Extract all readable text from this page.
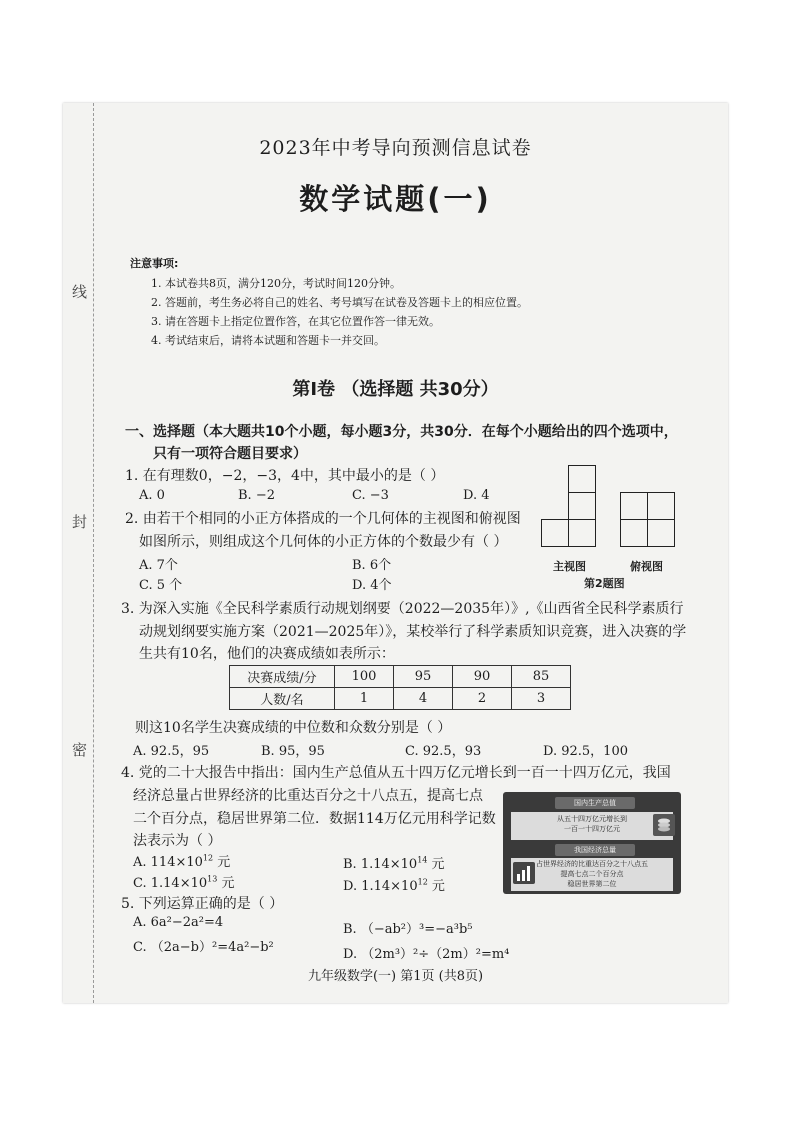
线
封
密
2023年中考导向预测信息试卷
数学试题(一)
注意事项:
1. 本试卷共8页，满分120分，考试时间120分钟。
2. 答题前，考生务必将自己的姓名、考号填写在试卷及答题卡上的相应位置。
3. 请在答题卡上指定位置作答，在其它位置作答一律无效。
4. 考试结束后，请将本试题和答题卡一并交回。
第Ⅰ卷 （选择题 共30分）
一、选择题（本大题共10个小题，每小题3分，共30分．在每个小题给出的四个选项中，
只有一项符合题目要求）
1. 在有理数0，−2，−3，4中，其中最小的是（ ）
A. 0	B. −2	C. −3	D. 4
2. 由若干个相同的小正方体搭成的一个几何体的主视图和俯视图
如图所示，则组成这个几何体的小正方体的个数最少有（ ）
A. 7个	B. 6个
C. 5 个	D. 4个
主视图	俯视图
第2题图
3. 为深入实施《全民科学素质行动规划纲要（2022—2035年）》,《山西省全民科学素质行
动规划纲要实施方案（2021—2025年）》，某校举行了科学素质知识竞赛，进入决赛的学
生共有10名，他们的决赛成绩如表所示：
决赛成绩/分	100	95	90	85
人数/名	1	4	2	3
则这10名学生决赛成绩的中位数和众数分别是（ ）
A. 92.5，95	B. 95，95	C. 92.5，93	D. 92.5，100
4. 党的二十大报告中指出：国内生产总值从五十四万亿元增长到一百一十四万亿元，我国
经济总量占世界经济的比重达百分之十八点五，提高七点
二个百分点，稳居世界第二位．数据114万亿元用科学记数
法表示为（ ）
A. $114\times 10^{12}$ 元	B. $1.14\times 10^{14}$ 元
C. $1.14\times 10^{13}$ 元	D. $1.14\times 10^{12}$ 元
国内生产总值
从五十四万亿元增长到
一百一十四万亿元
我国经济总量
占世界经济的比重达百分之十八点五
提高七点二个百分点
稳居世界第二位
5. 下列运算正确的是（ ）
A. 6a²−2a²=4	B. （−ab²）³=−a³b⁵
C. （2a−b）²=4a²−b²	D. （2m³）²÷（2m）²=m⁴
九年级数学(一) 第1页 (共8页)
